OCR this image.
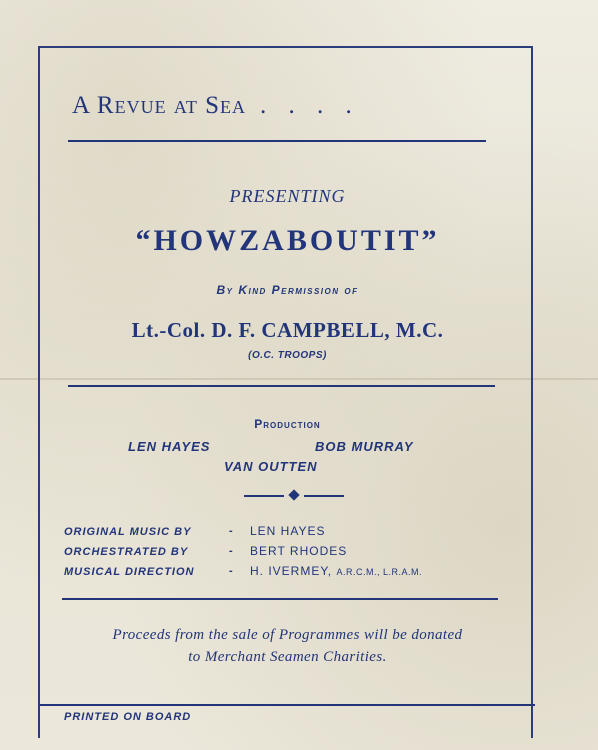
A Revue at Sea . . . .
PRESENTING
“HOWZABOUTIT”
By Kind Permission of
Lt.-Col. D. F. CAMPBELL, M.C.
(O.C. TROOPS)
Production
LEN HAYES	BOB MURRAY
VAN OUTTEN
ORIGINAL MUSIC BY	- LEN HAYES
ORCHESTRATED BY	- BERT RHODES
MUSICAL DIRECTION	- H. IVERMEY, A.R.C.M., L.R.A.M.
Proceeds from the sale of Programmes will be donated
to Merchant Seamen Charities.
PRINTED ON BOARD
